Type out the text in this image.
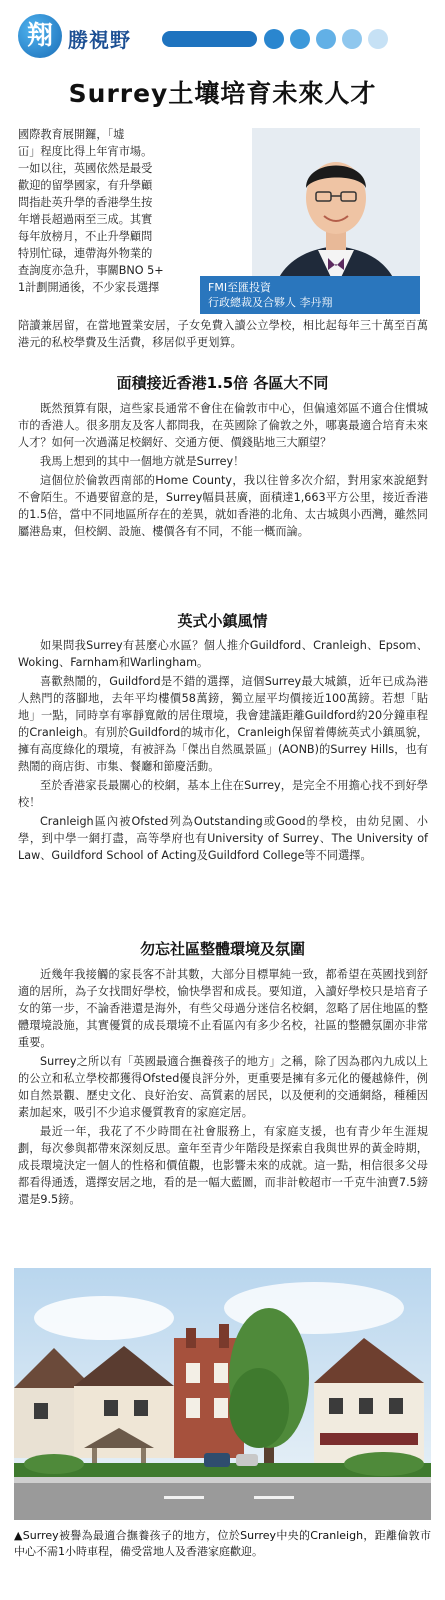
翔 勝視野
Surrey土壤培育未來人才
FMI至匯投資
行政總裁及合夥人 李丹翔

國際教育展開鑼，「墟

冚」程度比得上年宵市場。

一如以往，英國依然是最受

歡迎的留學國家，有升學顧

問指赴英升學的香港學生按

年增長超過兩至三成。其實

每年放榜月，不止升學顧問

特別忙碌，連帶海外物業的

查詢度亦急升，事關BNO 5+

1計劃開通後，不少家長選擇

陪讀兼居留，在當地置業安居，子女免費入讀公立學校，相比起每年三十萬至百萬港元的私校學費及生活費，移居似乎更划算。

面積接近香港1.5倍 各區大不同

既然預算有限，這些家長通常不會住在倫敦市中心，但偏遠郊區不適合住慣城市的香港人。很多朋友及客人都問我，在英國除了倫敦之外，哪裏最適合培育未來人才？如何一次過滿足校網好、交通方便、價錢貼地三大願望？

我馬上想到的其中一個地方就是Surrey！

這個位於倫敦西南部的Home County，我以往曾多次介紹，對用家來說絕對不會陌生。不過要留意的是，Surrey幅員甚廣，面積達1,663平方公里，接近香港的1.5倍，當中不同地區所存在的差異，就如香港的北角、太古城與小西灣，雖然同屬港島東，但校網、設施、樓價各有不同，不能一概而論。

英式小鎮風情

如果問我Surrey有甚麼心水區？個人推介Guildford、Cranleigh、Epsom、Woking、Farnham和Warlingham。

喜歡熱鬧的，Guildford是不錯的選擇，這個Surrey最大城鎮，近年已成為港人熱門的落腳地，去年平均樓價58萬鎊，獨立屋平均價接近100萬鎊。若想「貼地」一點，同時享有寧靜寬敞的居住環境，我會建議距離Guildford約20分鐘車程的Cranleigh。有別於Guildford的城市化，Cranleigh保留着傳統英式小鎮風貌，擁有高度綠化的環境，有被評為「傑出自然風景區」(AONB)的Surrey Hills，也有熱鬧的商店街、市集、餐廳和節慶活動。

至於香港家長最關心的校網，基本上住在Surrey，是完全不用擔心找不到好學校！

Cranleigh區內被Ofsted列為Outstanding或Good的學校，由幼兒園、小學，到中學一網打盡，高等學府也有University of Surrey、The University of Law、Guildford School of Acting及Guildford College等不同選擇。

勿忘社區整體環境及氛圍

近幾年我接觸的家長客不計其數，大部分目標單純一致，都希望在英國找到舒適的居所，為子女找間好學校，愉快學習和成長。要知道，入讀好學校只是培育子女的第一步，不論香港還是海外，有些父母過分迷信名校網，忽略了居住地區的整體環境設施，其實優質的成長環境不止看區內有多少名校，社區的整體氛圍亦非常重要。

Surrey之所以有「英國最適合撫養孩子的地方」之稱，除了因為郡內九成以上的公立和私立學校都獲得Ofsted優良評分外，更重要是擁有多元化的優越條件，例如自然景觀、歷史文化、良好治安、高質素的居民，以及便利的交通網絡，種種因素加起來，吸引不少追求優質教育的家庭定居。

最近一年，我花了不少時間在社會服務上，有家庭支援，也有青少年生涯規劃，每次參與都帶來深刻反思。童年至青少年階段是探索自我與世界的黃金時期，成長環境決定一個人的性格和價值觀，也影響未來的成就。這一點，相信很多父母都看得通透，選擇安居之地，看的是一幅大藍圖，而非計較超市一千克牛油賣7.5鎊還是9.5鎊。

▲Surrey被譽為最適合撫養孩子的地方，位於Surrey中央的Cranleigh，距離倫敦市中心不需1小時車程，備受當地人及香港家庭歡迎。
